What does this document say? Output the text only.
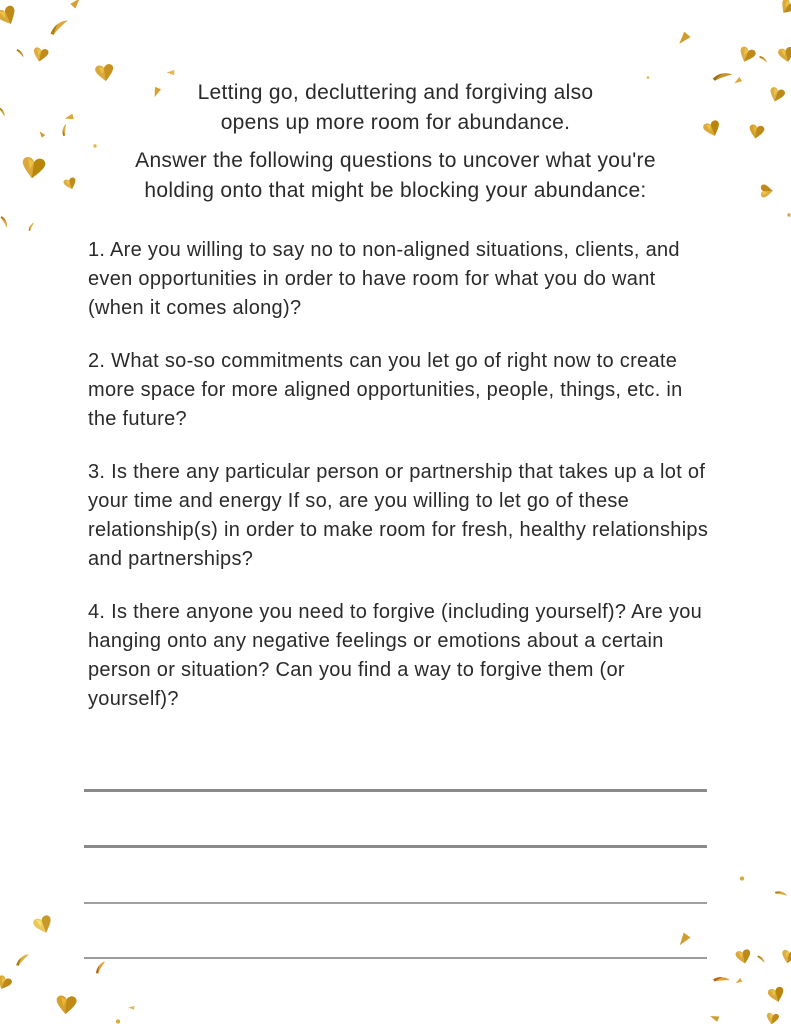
Letting go, decluttering and forgiving also
opens up more room for abundance.
Answer the following questions to uncover what you're
holding onto that might be blocking your abundance:

1. Are you willing to say no to non-aligned situations, clients, and even opportunities in order to have room for what you do want (when it comes along)?

2. What so-so commitments can you let go of right now to create more space for more aligned opportunities, people, things, etc. in the future?

3. Is there any particular person or partnership that takes up a lot of your time and energy If so, are you willing to let go of these relationship(s) in order to make room for fresh, healthy relationships and partnerships?

4. Is there anyone you need to forgive (including yourself)? Are you hanging onto any negative feelings or emotions about a certain person or situation? Can you find a way to forgive them (or yourself)?
